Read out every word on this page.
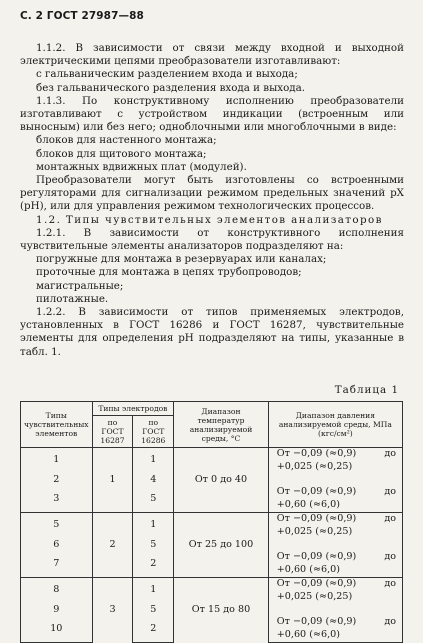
С. 2 ГОСТ 27987—88

1.1.2. В зависимости от связи между входной и выходной электрическими цепями преобразователи изготавливают:

с гальваническим разделением входа и выхода;

без гальванического разделения входа и выхода.

1.1.3. По конструктивному исполнению преобразователи изготавливают с устройством индикации (встроенным или выносным) или без него; одноблочными или многоблочными в виде:

блоков для настенного монтажа;

блоков для щитового монтажа;

монтажных вдвижных плат (модулей).

Преобразователи могут быть изготовлены со встроенными регуляторами для сигнализации режимом предельных значений рХ (рН), или для управления режимом технологических процессов.

1.2. Типы чувствительных элементов анализаторов

1.2.1. В зависимости от конструктивного исполнения чувствительные элементы анализаторов подразделяют на:

погружные для монтажа в резервуарах или каналах;

проточные для монтажа в цепях трубопроводов;

магистральные;

пилотажные.

1.2.2. В зависимости от типов применяемых электродов, установленных в ГОСТ 16286 и ГОСТ 16287, чувствительные элементы для определения рН подразделяют на типы, указанные в табл. 1.

Таблица 1
Типы чувствительных элементов	Типы электродов		Диапазон температур анализируемой среды, °C	Диапазон давления анализируемой среды, МПа (кгс/см²)
	по ГОСТ 16287	по ГОСТ 16286		
1	1	1	От 0 до 40	От −0,09 (≈0,9) до

+0,025 (≈0,25)
2		4		
3		5		От −0,09 (≈0,9) до

+0,60 (≈6,0)
5	2	1	От 25 до 100	От −0,09 (≈0,9) до

+0,025 (≈0,25)
6		5		
7		2		От −0,09 (≈0,9) до

+0,60 (≈6,0)
8	3	1	От 15 до 80	От −0,09 (≈0,9) до

+0,025 (≈0,25)
9		5		
10		2		От −0,09 (≈0,9) до

+0,60 (≈6,0)
